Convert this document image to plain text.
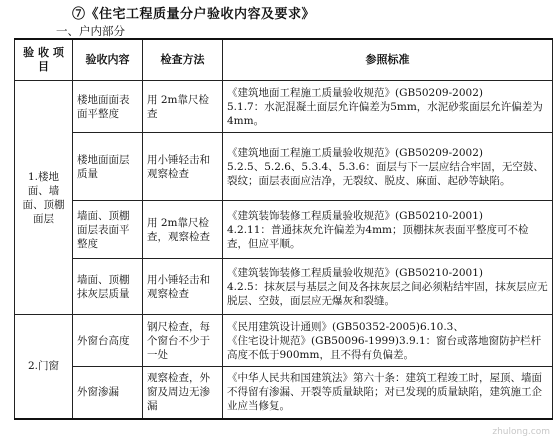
⑦《住宅工程质量分户验收内容及要求》
一、户内部分
验 收 项 目	验收内容	检查方法	参照标准
1.楼地面、墙面、顶棚面层	楼地面面表面平整度	用 2m靠尺检查	《建筑地面工程施工质量验收规范》(GB50209-2002)

5.1.7：水泥混凝土面层允许偏差为5mm，水泥砂浆面层允许偏差为4mm。

	楼地面面层质量	用小锤轻击和观察检查	《建筑地面工程施工质量验收规范》(GB50209-2002)

5.2.5、5.2.6、5.3.4、5.3.6：面层与下一层应结合牢固，无空鼓、裂纹；面层表面应洁净，无裂纹、脱皮、麻面、起砂等缺陷。

	墙面、顶棚面层表面平整度	用 2m靠尺检查，观察检查	《建筑装饰装修工程质量验收规范》(GB50210-2001)

4.2.11：普通抹灰允许偏差为4mm；顶棚抹灰表面平整度可不检查，但应平顺。

	墙面、顶棚抹灰层质量	用小锤轻击和观察检查	《建筑装饰装修工程质量验收规范》(GB50210-2001)

4.2.5：抹灰层与基层之间及各抹灰层之间必须粘结牢固，抹灰层应无脱层、空鼓，面层应无爆灰和裂缝。

2.门窗	外窗台高度	钢尺检查，每个窗台不少于一处	《民用建筑设计通则》(GB50352-2005)6.10.3、

《住宅设计规范》(GB50096-1999)3.9.1：窗台或落地窗防护栏杆高度不低于900mm，且不得有负偏差。

	外窗渗漏	观察检查，外窗及周边无渗漏	《中华人民共和国建筑法》第六十条：建筑工程竣工时，屋顶、墙面不得留有渗漏、开裂等质量缺陷；对已发现的质量缺陷，建筑施工企业应当修复。

zhulong.com
